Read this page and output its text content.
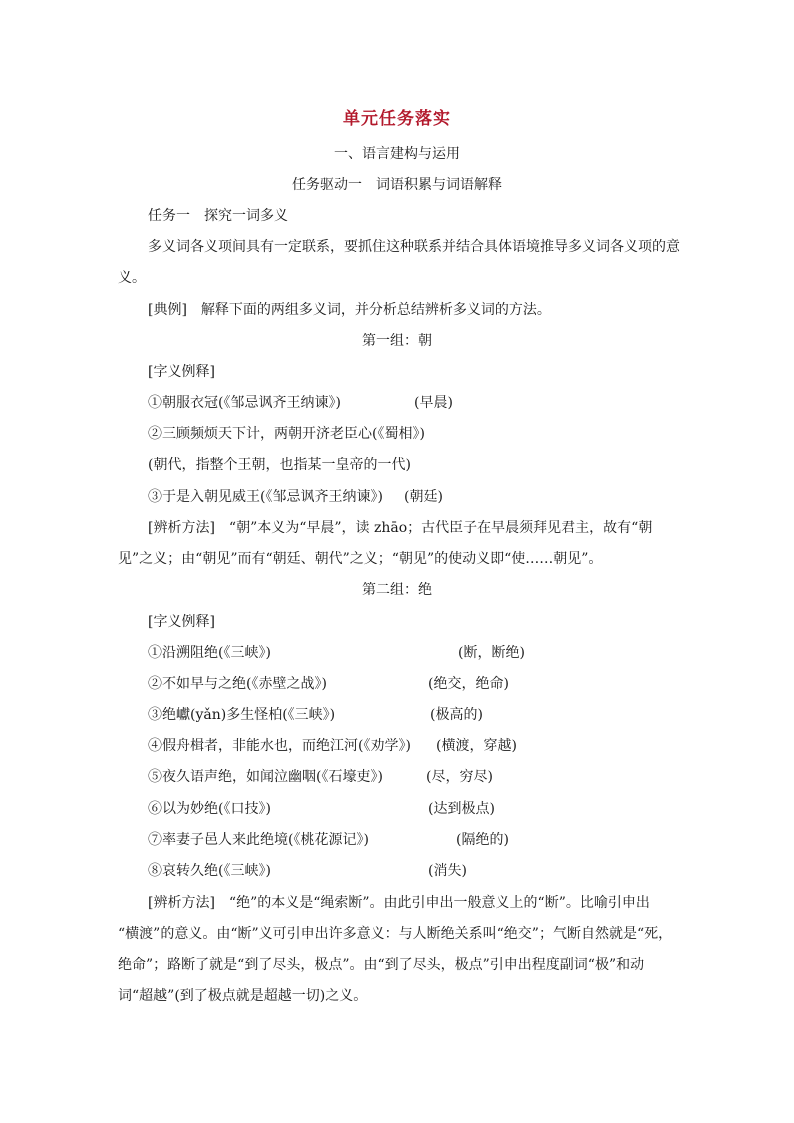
单元任务落实
一、语言建构与运用
任务驱动一　词语积累与词语解释
任务一　探究一词多义
多义词各义项间具有一定联系，要抓住这种联系并结合具体语境推导多义词各义项的意
义。
[典例]　解释下面的两组多义词，并分析总结辨析多义词的方法。
第一组：朝
[字义例释]
①朝服衣冠(《邹忌讽齐王纳谏》)	(早晨)
②三顾频烦天下计，两朝开济老臣心(《蜀相》)
(朝代，指整个王朝，也指某一皇帝的一代)
③于是入朝见威王(《邹忌讽齐王纳谏》) (朝廷)
[辨析方法]　“朝”本义为“早晨”，读 zhāo；古代臣子在早晨须拜见君主，故有“朝
见”之义；由“朝见”而有“朝廷、朝代”之义；“朝见”的使动义即“使……朝见”。
第二组：绝
[字义例释]
①沿溯阻绝(《三峡》)	(断，断绝)
②不如早与之绝(《赤壁之战》)	(绝交，绝命)
③绝巘(yǎn)多生怪柏(《三峡》)	(极高的)
④假舟楫者，非能水也，而绝江河(《劝学》) (横渡，穿越)
⑤夜久语声绝，如闻泣幽咽(《石壕吏》)	(尽，穷尽)
⑥以为妙绝(《口技》)	(达到极点)
⑦率妻子邑人来此绝境(《桃花源记》)	(隔绝的)
⑧哀转久绝(《三峡》)	(消失)
[辨析方法]　“绝”的本义是“绳索断”。由此引申出一般意义上的“断”。比喻引申出
“横渡”的意义。由“断”义可引申出许多意义：与人断绝关系叫“绝交”；气断自然就是“死，
绝命”；路断了就是“到了尽头，极点”。由“到了尽头，极点”引申出程度副词“极”和动
词“超越”(到了极点就是超越一切)之义。
